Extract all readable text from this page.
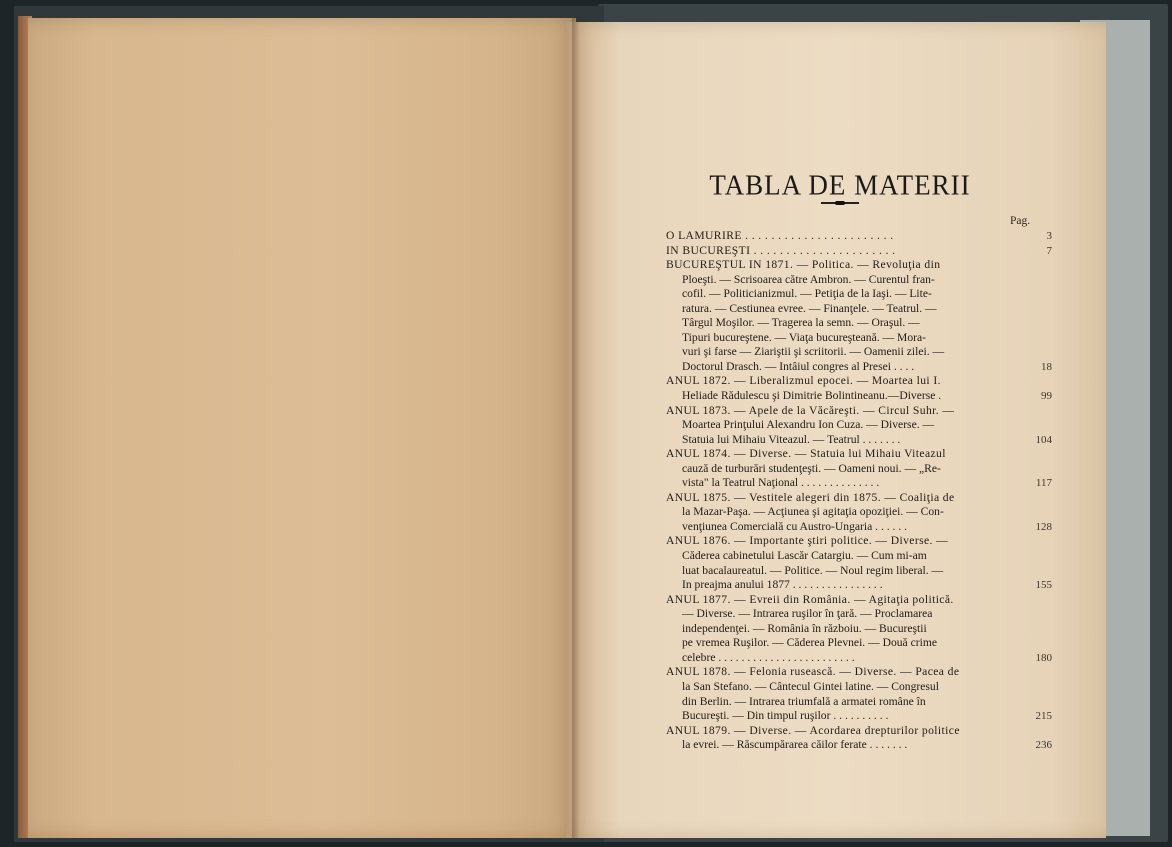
TABLA DE MATERII
Pag.
O LAMURIRE . . . . . . . . . . . . . . . . . . . . . . .	3
IN BUCUREŞTI . . . . . . . . . . . . . . . . . . . . . .	7
BUCUREŞTUL IN 1871. — Politica. — Revoluţia din
Ploeşti. — Scrisoarea către Ambron. — Curentul fran-
cofil. — Politicianizmul. — Petiţia de la Iaşi. — Lite-
ratura. — Cestiunea evree. — Finanţele. — Teatrul. —
Târgul Moşilor. — Tragerea la semn. — Oraşul. —
Tipuri bucureştene. — Viaţa bucureşteană. — Mora-
vuri şi farse — Ziariştii şi scriitorii. — Oamenii zilei. —
Doctorul Drasch. — Intâiul congres al Presei . . . .	18
ANUL 1872. — Liberalizmul epocei. — Moartea lui I.
Heliade Rădulescu şi Dimitrie Bolintineanu.—Diverse .	99
ANUL 1873. — Apele de la Văcăreşti. — Circul Suhr. —
Moartea Prinţului Alexandru Ion Cuza. — Diverse. —
Statuia lui Mihaiu Viteazul. — Teatrul . . . . . . .	104
ANUL 1874. — Diverse. — Statuia lui Mihaiu Viteazul
cauză de turburări studenţeşti. — Oameni noui. — „Re-
vista" la Teatrul Naţional . . . . . . . . . . . . . .	117
ANUL 1875. — Vestitele alegeri din 1875. — Coaliţia de
la Mazar-Paşa. — Acţiunea şi agitaţia opoziţiei. — Con-
venţiunea Comercială cu Austro-Ungaria . . . . . .	128
ANUL 1876. — Importante ştiri politice. — Diverse. —
Căderea cabinetului Lascăr Catargiu. — Cum mi-am
luat bacalaureatul. — Politice. — Noul regim liberal. —
In preajma anului 1877 . . . . . . . . . . . . . . . .	155
ANUL 1877. — Evreii din România. — Agitaţia politică.
— Diverse. — Intrarea ruşilor în ţară. — Proclamarea
independenţei. — România în războiu. — Bucureştii
pe vremea Ruşilor. — Căderea Plevnei. — Două crime
celebre . . . . . . . . . . . . . . . . . . . . . . . .	180
ANUL 1878. — Felonia rusească. — Diverse. — Pacea de
la San Stefano. — Cântecul Gintei latine. — Congresul
din Berlin. — Intrarea triumfală a armatei române în
Bucureşti. — Din timpul ruşilor . . . . . . . . . .	215
ANUL 1879. — Diverse. — Acordarea drepturilor politice
la evrei. — Răscumpărarea căilor ferate . . . . . . .	236
